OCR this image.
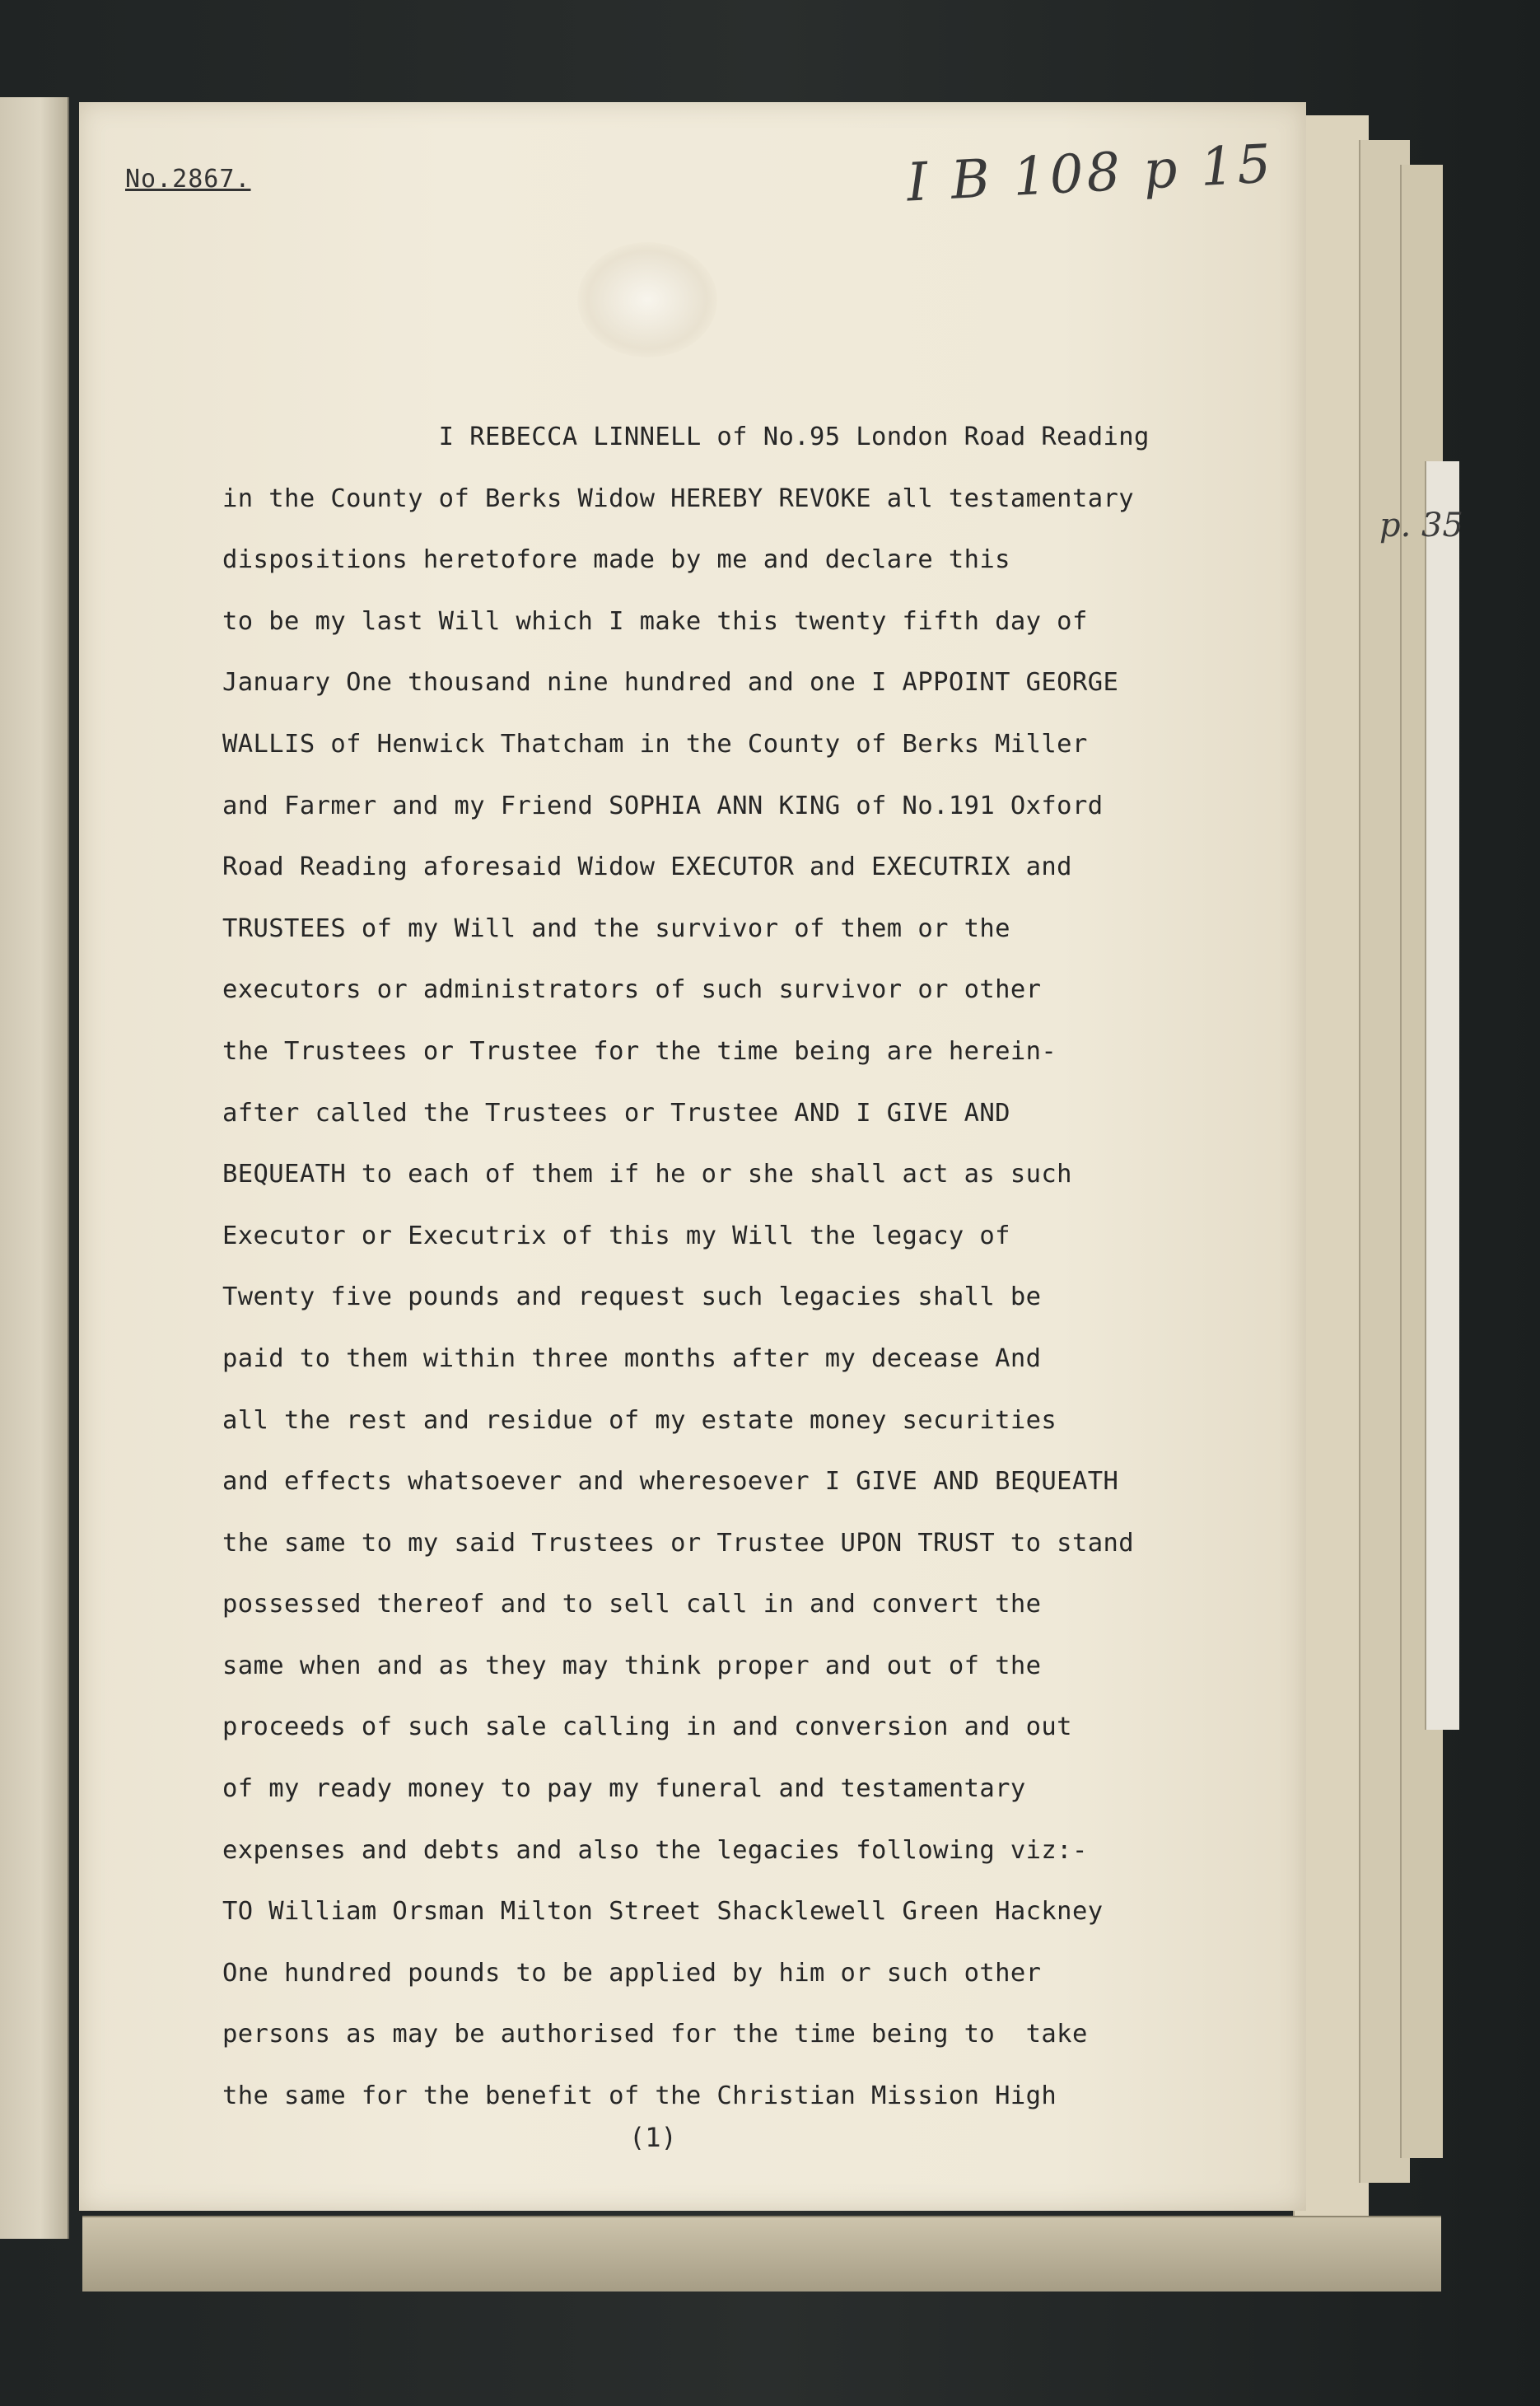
p. 35
No.2867.	I B 108 p 15
I REBECCA LINNELL of No.95 London Road Reading
in the County of Berks Widow HEREBY REVOKE all testamentary
dispositions heretofore made by me and declare this
to be my last Will which I make this twenty fifth day of
January One thousand nine hundred and one I APPOINT GEORGE
WALLIS of Henwick Thatcham in the County of Berks Miller
and Farmer and my Friend SOPHIA ANN KING of No.191 Oxford
Road Reading aforesaid Widow EXECUTOR and EXECUTRIX and
TRUSTEES of my Will and the survivor of them or the
executors or administrators of such survivor or other
the Trustees or Trustee for the time being are herein-
after called the Trustees or Trustee AND I GIVE AND
BEQUEATH to each of them if he or she shall act as such
Executor or Executrix of this my Will the legacy of
Twenty five pounds and request such legacies shall be
paid to them within three months after my decease And
all the rest and residue of my estate money securities
and effects whatsoever and wheresoever I GIVE AND BEQUEATH
the same to my said Trustees or Trustee UPON TRUST to stand
possessed thereof and to sell call in and convert the
same when and as they may think proper and out of the
proceeds of such sale calling in and conversion and out
of my ready money to pay my funeral and testamentary
expenses and debts and also the legacies following viz:-
TO William Orsman Milton Street Shacklewell Green Hackney
One hundred pounds to be applied by him or such other
persons as may be authorised for the time being to  take
the same for the benefit of the Christian Mission High
(1)
